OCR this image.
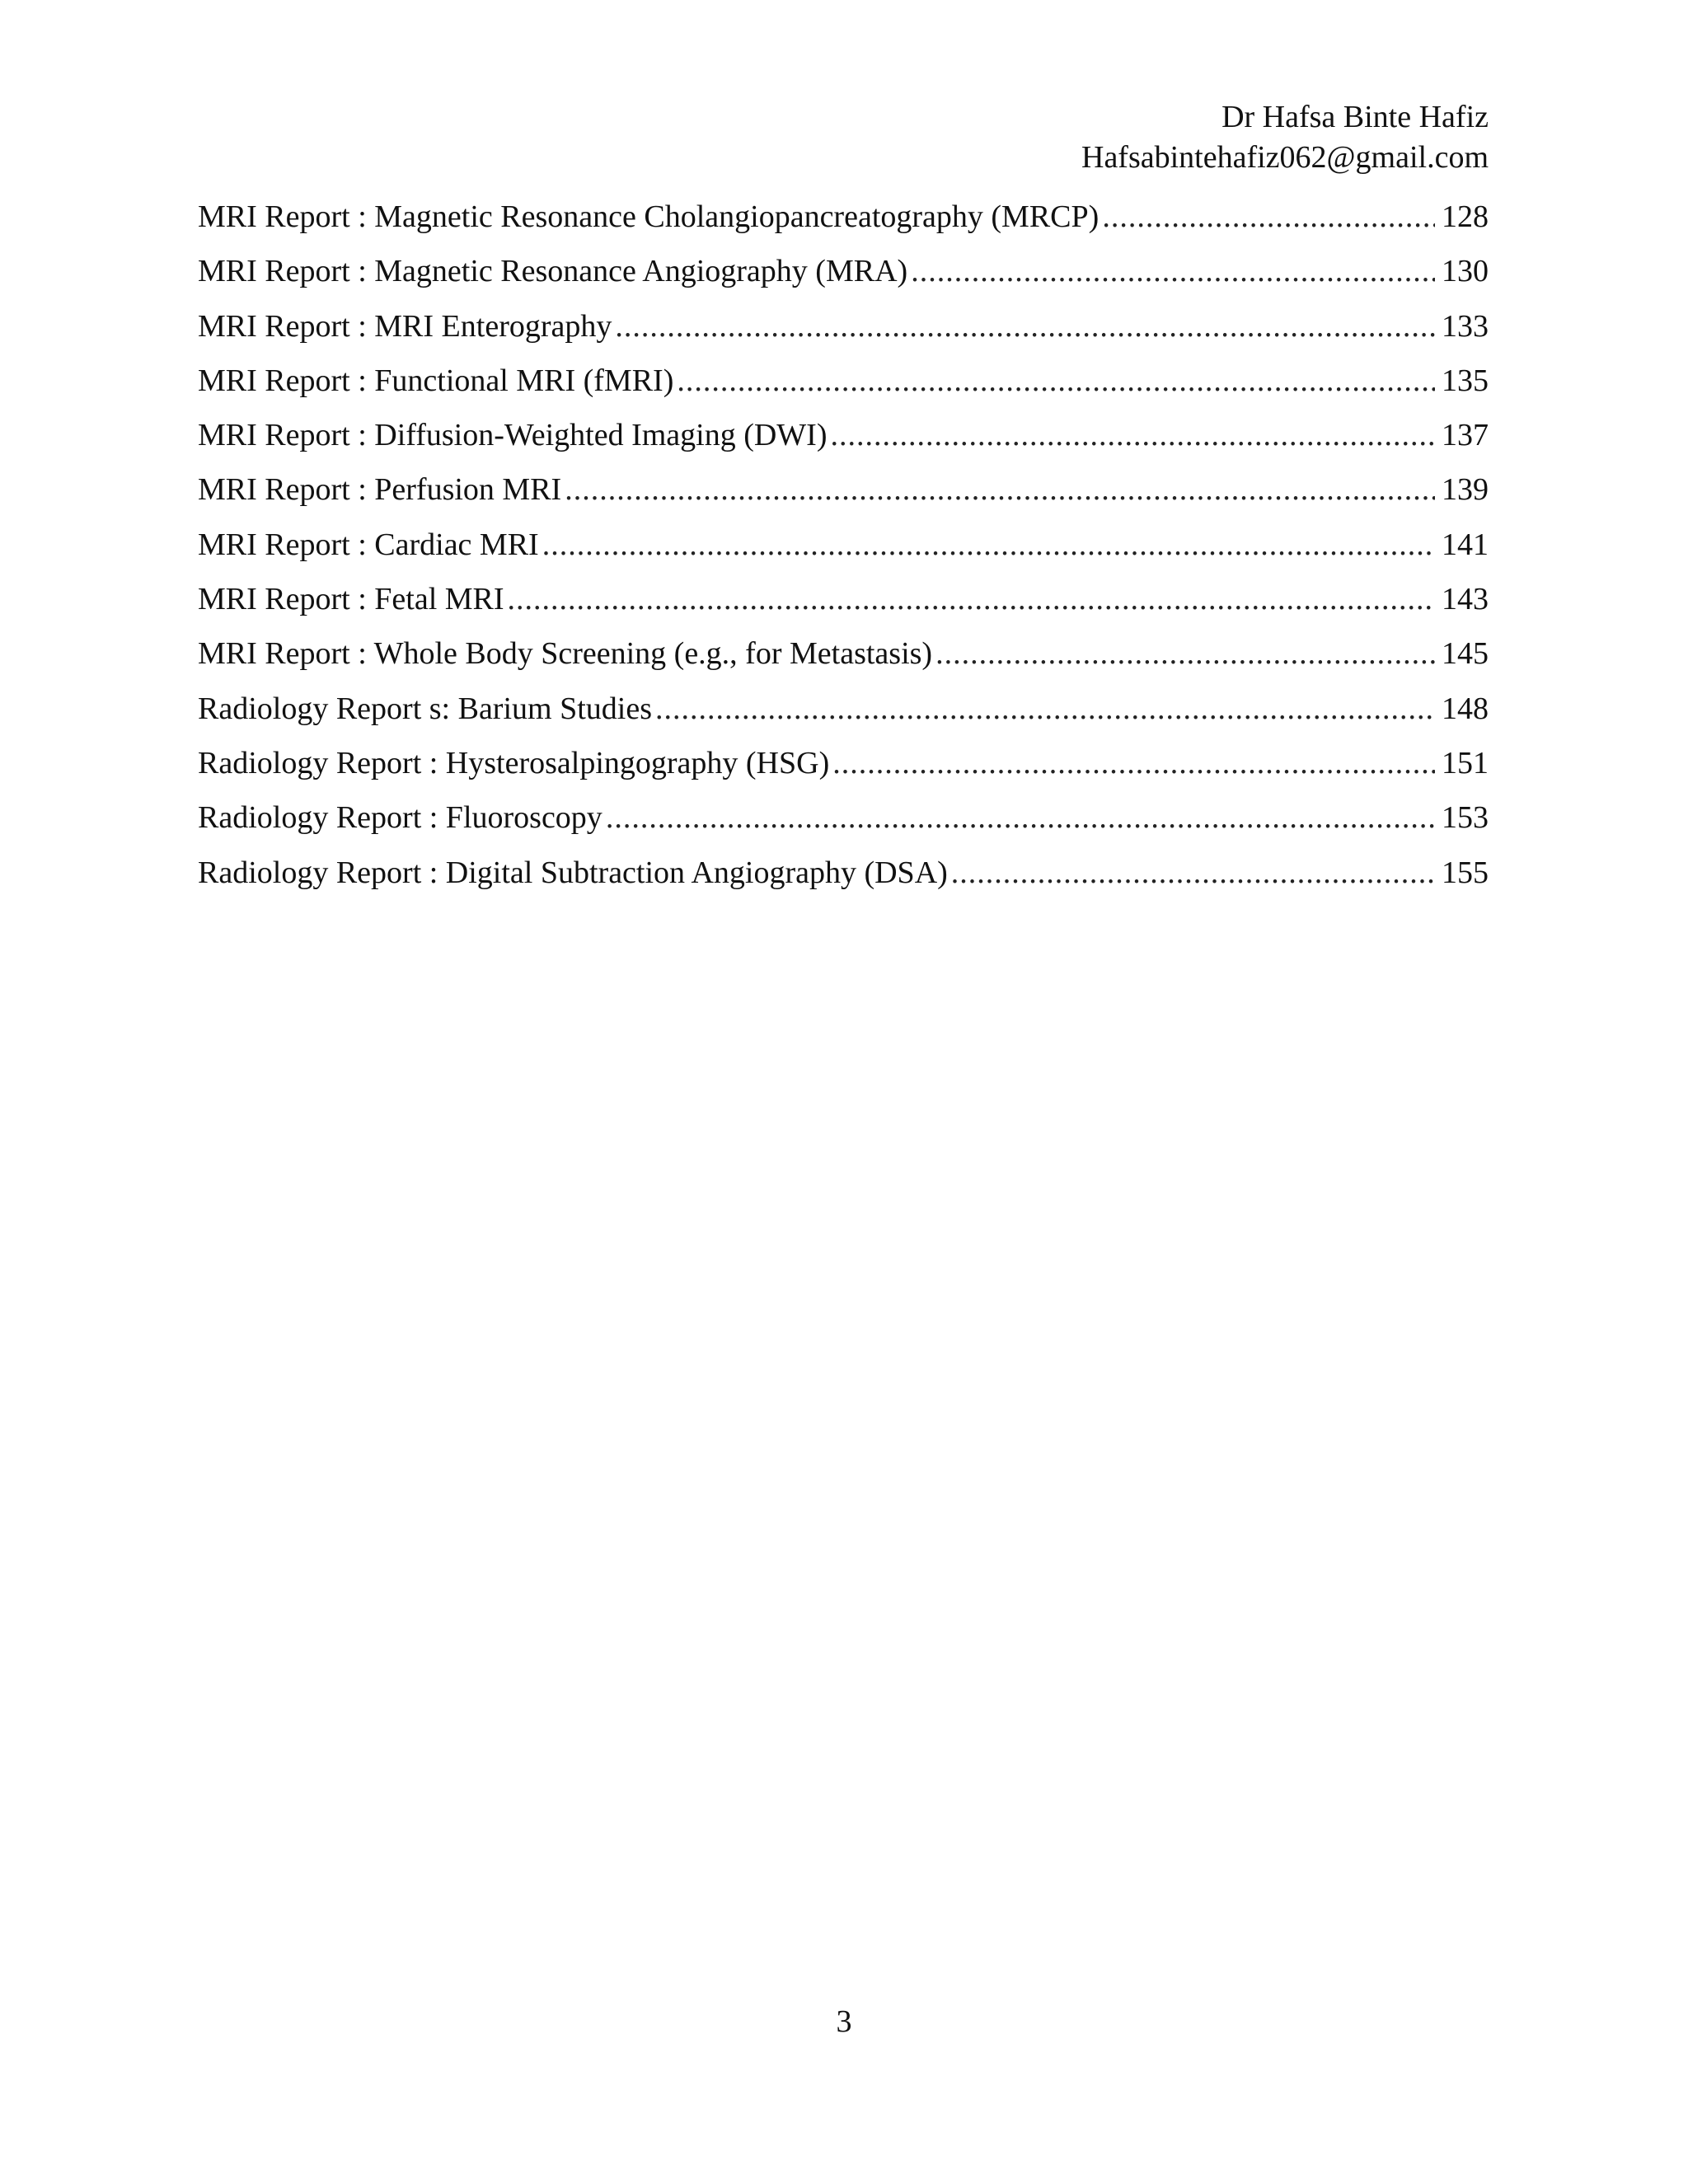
Dr Hafsa Binte Hafiz
Hafsabintehafiz062@gmail.com
MRI Report : Magnetic Resonance Cholangiopancreatography (MRCP) .....	128
MRI Report : Magnetic Resonance Angiography (MRA) .....	130
MRI Report : MRI Enterography .....	133
MRI Report : Functional MRI (fMRI) .....	135
MRI Report : Diffusion-Weighted Imaging (DWI) .....	137
MRI Report : Perfusion MRI .....	139
MRI Report : Cardiac MRI .....	141
MRI Report : Fetal MRI .....	143
MRI Report : Whole Body Screening (e.g., for Metastasis) .....	145
Radiology Report s: Barium Studies .....	148
Radiology Report : Hysterosalpingography (HSG) .....	151
Radiology Report : Fluoroscopy .....	153
Radiology Report : Digital Subtraction Angiography (DSA) .....	155
3
